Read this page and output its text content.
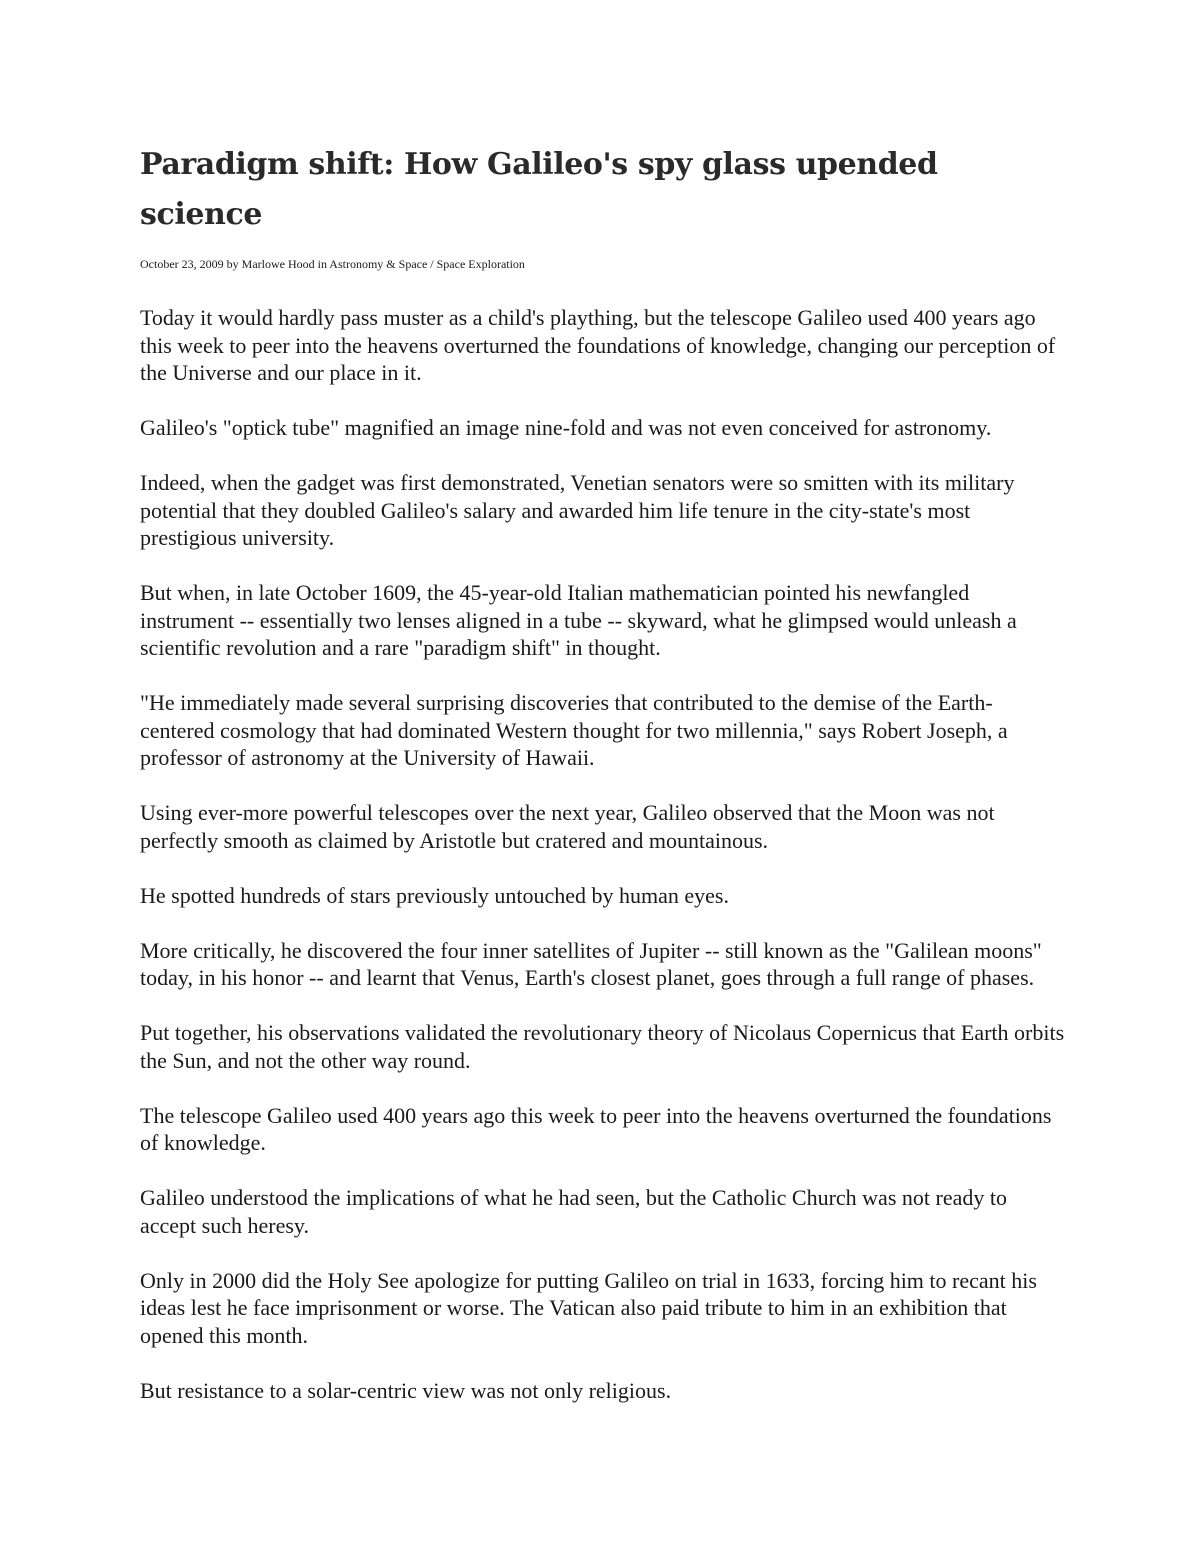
Paradigm shift: How Galileo's spy glass upended science
October 23, 2009 by Marlowe Hood in Astronomy & Space / Space Exploration

Today it would hardly pass muster as a child's plaything, but the telescope Galileo used 400 years ago this week to peer into the heavens overturned the foundations of knowledge, changing our perception of the Universe and our place in it.

Galileo's "optick tube" magnified an image nine-fold and was not even conceived for astronomy.

Indeed, when the gadget was first demonstrated, Venetian senators were so smitten with its military potential that they doubled Galileo's salary and awarded him life tenure in the city-state's most prestigious university.

But when, in late October 1609, the 45-year-old Italian mathematician pointed his newfangled instrument -- essentially two lenses aligned in a tube -- skyward, what he glimpsed would unleash a scientific revolution and a rare "paradigm shift" in thought.

"He immediately made several surprising discoveries that contributed to the demise of the Earth-centered cosmology that had dominated Western thought for two millennia," says Robert Joseph, a professor of astronomy at the University of Hawaii.

Using ever-more powerful telescopes over the next year, Galileo observed that the Moon was not perfectly smooth as claimed by Aristotle but cratered and mountainous.

He spotted hundreds of stars previously untouched by human eyes.

More critically, he discovered the four inner satellites of Jupiter -- still known as the "Galilean moons" today, in his honor -- and learnt that Venus, Earth's closest planet, goes through a full range of phases.

Put together, his observations validated the revolutionary theory of Nicolaus Copernicus that Earth orbits the Sun, and not the other way round.

The telescope Galileo used 400 years ago this week to peer into the heavens overturned the foundations of knowledge.

Galileo understood the implications of what he had seen, but the Catholic Church was not ready to accept such heresy.

Only in 2000 did the Holy See apologize for putting Galileo on trial in 1633, forcing him to recant his ideas lest he face imprisonment or worse. The Vatican also paid tribute to him in an exhibition that opened this month.

But resistance to a solar-centric view was not only religious.
